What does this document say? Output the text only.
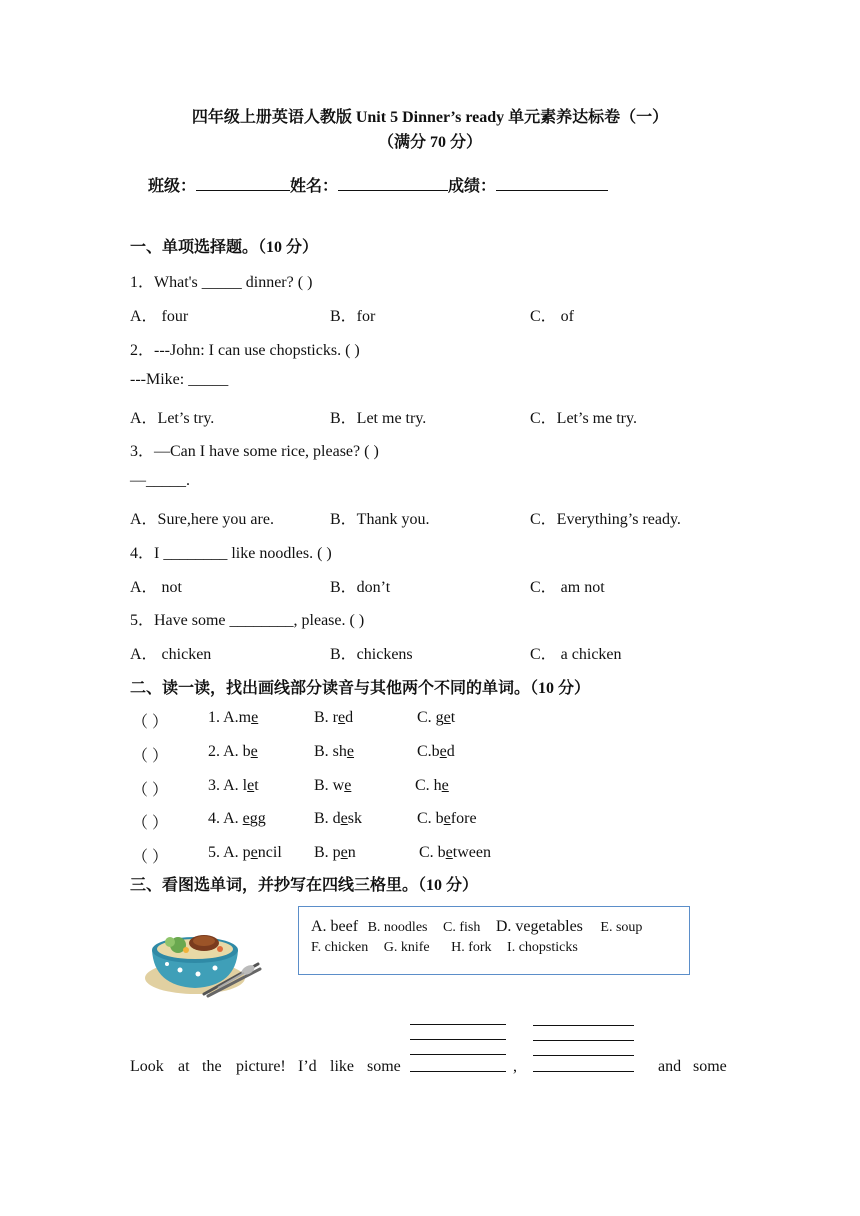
四年级上册英语人教版 Unit 5 Dinner’s ready 单元素养达标卷（一）
（满分 70 分）
班级：	姓名：	成绩：
一、单项选择题。（10 分）
1．What's _____ dinner? ( )
A． four	B．for	C． of
2．---John: I can use chopsticks. ( )
---Mike: _____
A．Let’s try.	B．Let me try.	C．Let’s me try.
3．—Can I have some rice, please? ( )
—_____.
A．Sure,here you are.	B．Thank you.	C．Everything’s ready.
4．I ________ like noodles. ( )
A． not	B．don’t	C． am not
5．Have some ________, please. ( )
A． chicken	B．chickens	C． a chicken
二、读一读，找出画线部分读音与其他两个不同的单词。（10 分）
（ ） 1. A.me	B. red	C. get
（ ） 2. A. be	B. she	C.bed
（ ） 3. A. let	B. we	C. he
（ ） 4. A. egg	B. desk	C. before
（ ） 5. A. pencil B. pen	C. between
三、看图选单词，并抄写在四线三格里。（10 分）
A. beef B. noodles C. fish D. vegetables E. soup
F. chicken G. knife H. fork I. chopsticks
Look at the picture! I’d like some	,	and some
